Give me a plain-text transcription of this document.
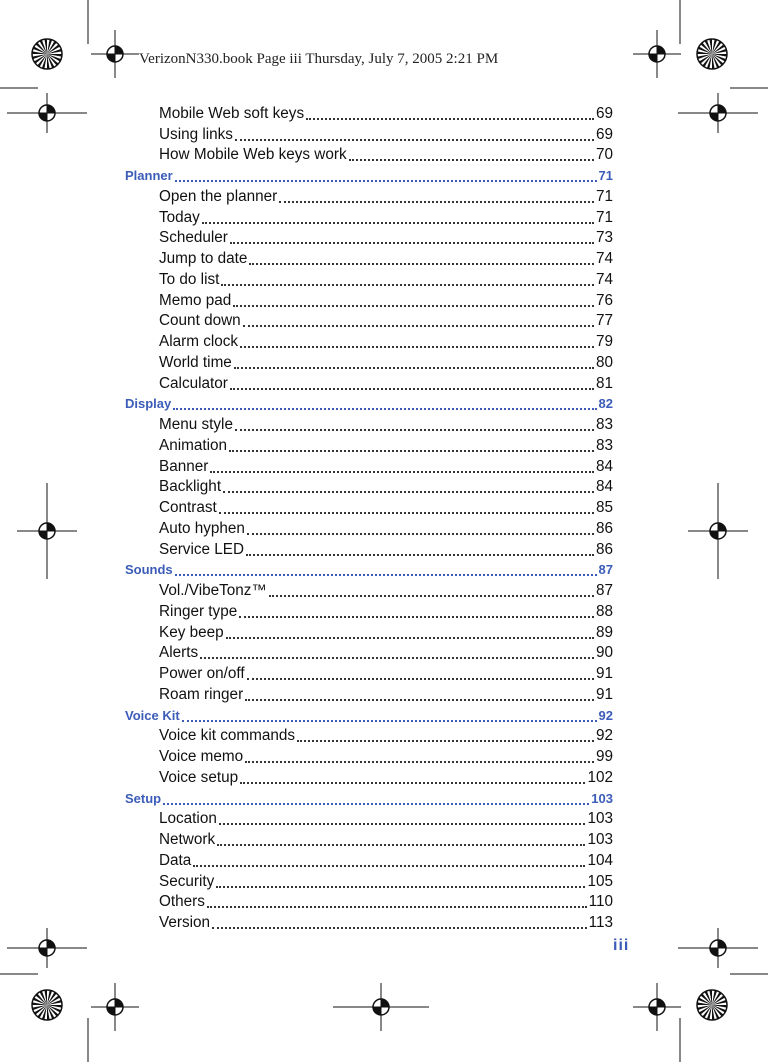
VerizonN330.book Page iii Thursday, July 7, 2005 2:21 PM
Mobile Web soft keys	69
Using links	69
How Mobile Web keys work	70
Planner	71
Open the planner	71
Today	71
Scheduler	73
Jump to date	74
To do list	74
Memo pad	76
Count down	77
Alarm clock	79
World time	80
Calculator	81
Display	82
Menu style	83
Animation	83
Banner	84
Backlight	84
Contrast	85
Auto hyphen	86
Service LED	86
Sounds	87
Vol./VibeTonz™	87
Ringer type	88
Key beep	89
Alerts	90
Power on/off	91
Roam ringer	91
Voice Kit	92
Voice kit commands	92
Voice memo	99
Voice setup	102
Setup	103
Location	103
Network	103
Data	104
Security	105
Others	110
Version	113
iii
